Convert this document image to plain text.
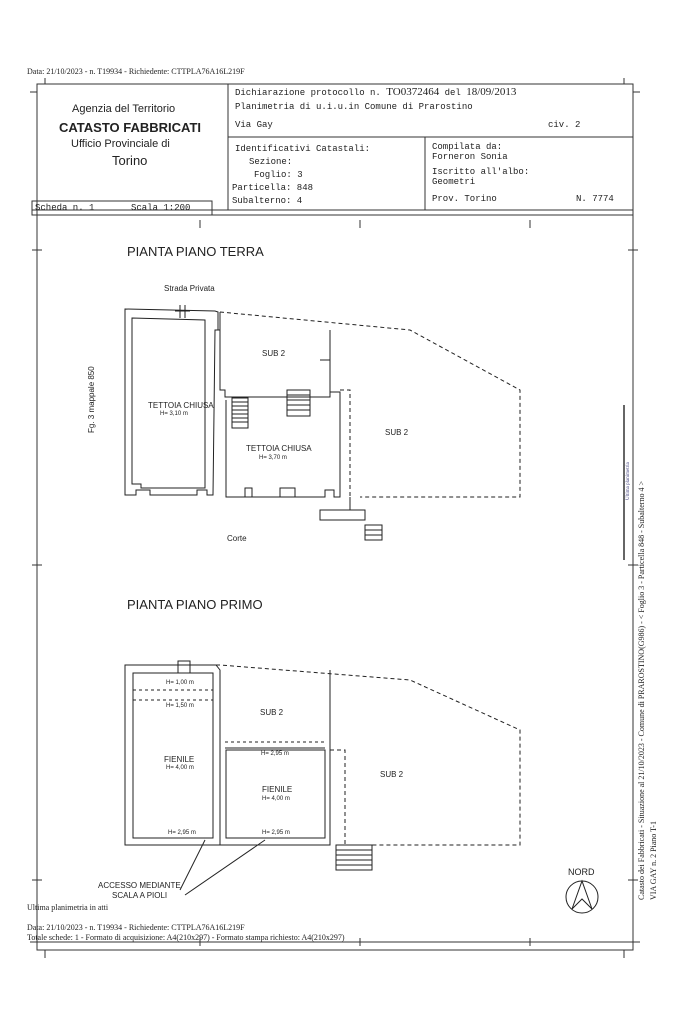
Data: 21/10/2023 - n. T19934 - Richiedente: CTTPLA76A16L219F
Agenzia del Territorio
CATASTO FABBRICATI
Ufficio Provinciale di
Torino
Dichiarazione protocollo n. TO0372464 del 18/09/2013
Planimetria di u.i.u.in Comune di Prarostino
Via Gay	civ. 2
Identificativi Catastali:
Sezione:
Foglio: 3
Particella: 848
Subalterno: 4
Compilata da:
Forneron Sonia
Iscritto all'albo:
Geometri
Prov. Torino	N. 7774
Scheda n. 1	Scala 1:200
PIANTA PIANO TERRA
Strada Privata
Fg. 3 mappale 850
SUB 2
SUB 2
TETTOIA CHIUSA
H= 3,10 m
TETTOIA CHIUSA
H= 3,70 m
Corte
PIANTA PIANO PRIMO
H= 1,00 m
H= 1,50 m
SUB 2
SUB 2
H= 2,95 m
FIENILE
H= 4,00 m
FIENILE
H= 4,00 m
H= 2,95 m	H= 2,95 m
ACCESSO MEDIANTE
SCALA A PIOLI
NORD	Catasto dei Fabbricati - Situazione al 21/10/2023 - Comune di PRAROSTINO(G986) - < Foglio 3 - Particella 848 - Subalterno 4 > VIA GAY n. 2 Piano T-1
Ultima planimetria
Ultima planimetria in atti
Data: 21/10/2023 - n. T19934 - Richiedente: CTTPLA76A16L219F
Totale schede: 1 - Formato di acquisizione: A4(210x297) - Formato stampa richiesto: A4(210x297)
